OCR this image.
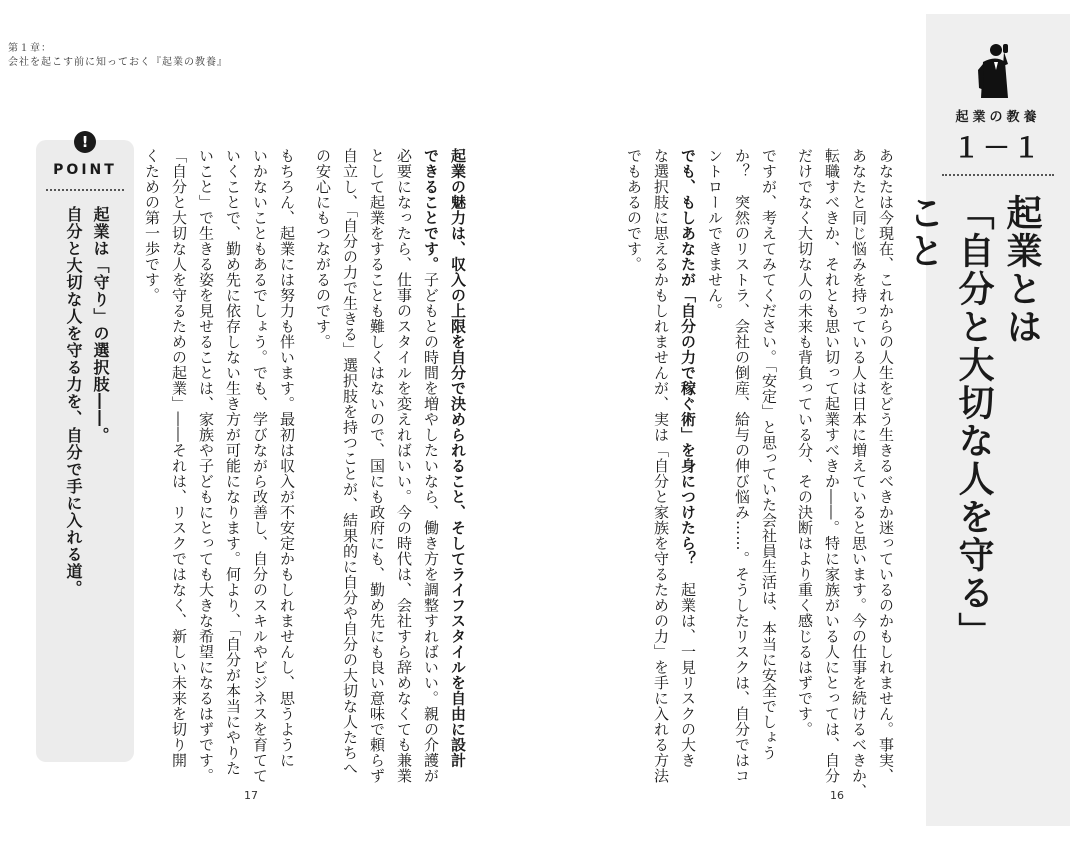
第１章：
会社を起こす前に知っておく『起業の教養』
!
POINT
起業は「守り」の選択肢――。
自分と大切な人を守る力を、自分で手に入れる道。	起業の魅力は、収入の上限を自分で決められること、そしてライフスタイルを自由に設計
できることです。子どもとの時間を増やしたいなら、働き方を調整すればいい。親の介護が
必要になったら、仕事のスタイルを変えればいい。今の時代は、会社すら辞めなくても兼業
として起業をすることも難しくはないので、国にも政府にも、勤め先にも良い意味で頼らず
自立し、「自分の力で生きる」選択肢を持つことが、結果的に自分や自分の大切な人たちへ
の安心にもつながるのです。
もちろん、起業には努力も伴います。最初は収入が不安定かもしれませんし、思うように
いかないこともあるでしょう。でも、学びながら改善し、自分のスキルやビジネスを育てて
いくことで、勤め先に依存しない生き方が可能になります。何より、「自分が本当にやりた
いこと」で生きる姿を見せることは、家族や子どもにとっても大きな希望になるはずです。
「自分と大切な人を守るための起業」――それは、リスクではなく、新しい未来を切り開
くための第一歩です。
17
あなたは今現在、これからの人生をどう生きるべきか迷っているのかもしれません。事実、
あなたと同じ悩みを持っている人は日本に増えていると思います。今の仕事を続けるべきか、
転職すべきか、それとも思い切って起業すべきか――。特に家族がいる人にとっては、自分
だけでなく大切な人の未来も背負っている分、その決断はより重く感じるはずです。
ですが、考えてみてください。「安定」と思っていた会社員生活は、本当に安全でしょう
か？　突然のリストラ、会社の倒産、給与の伸び悩み……。そうしたリスクは、自分ではコ
ントロールできません。
でも、もしあなたが「自分の力で稼ぐ術」を身につけたら？　起業は、一見リスクの大き
な選択肢に思えるかもしれませんが、実は「自分と家族を守るための力」を手に入れる方法
でもあるのです。
16
起業の教養
１－１
起業とは
「自分と大切な人を守る」こと
